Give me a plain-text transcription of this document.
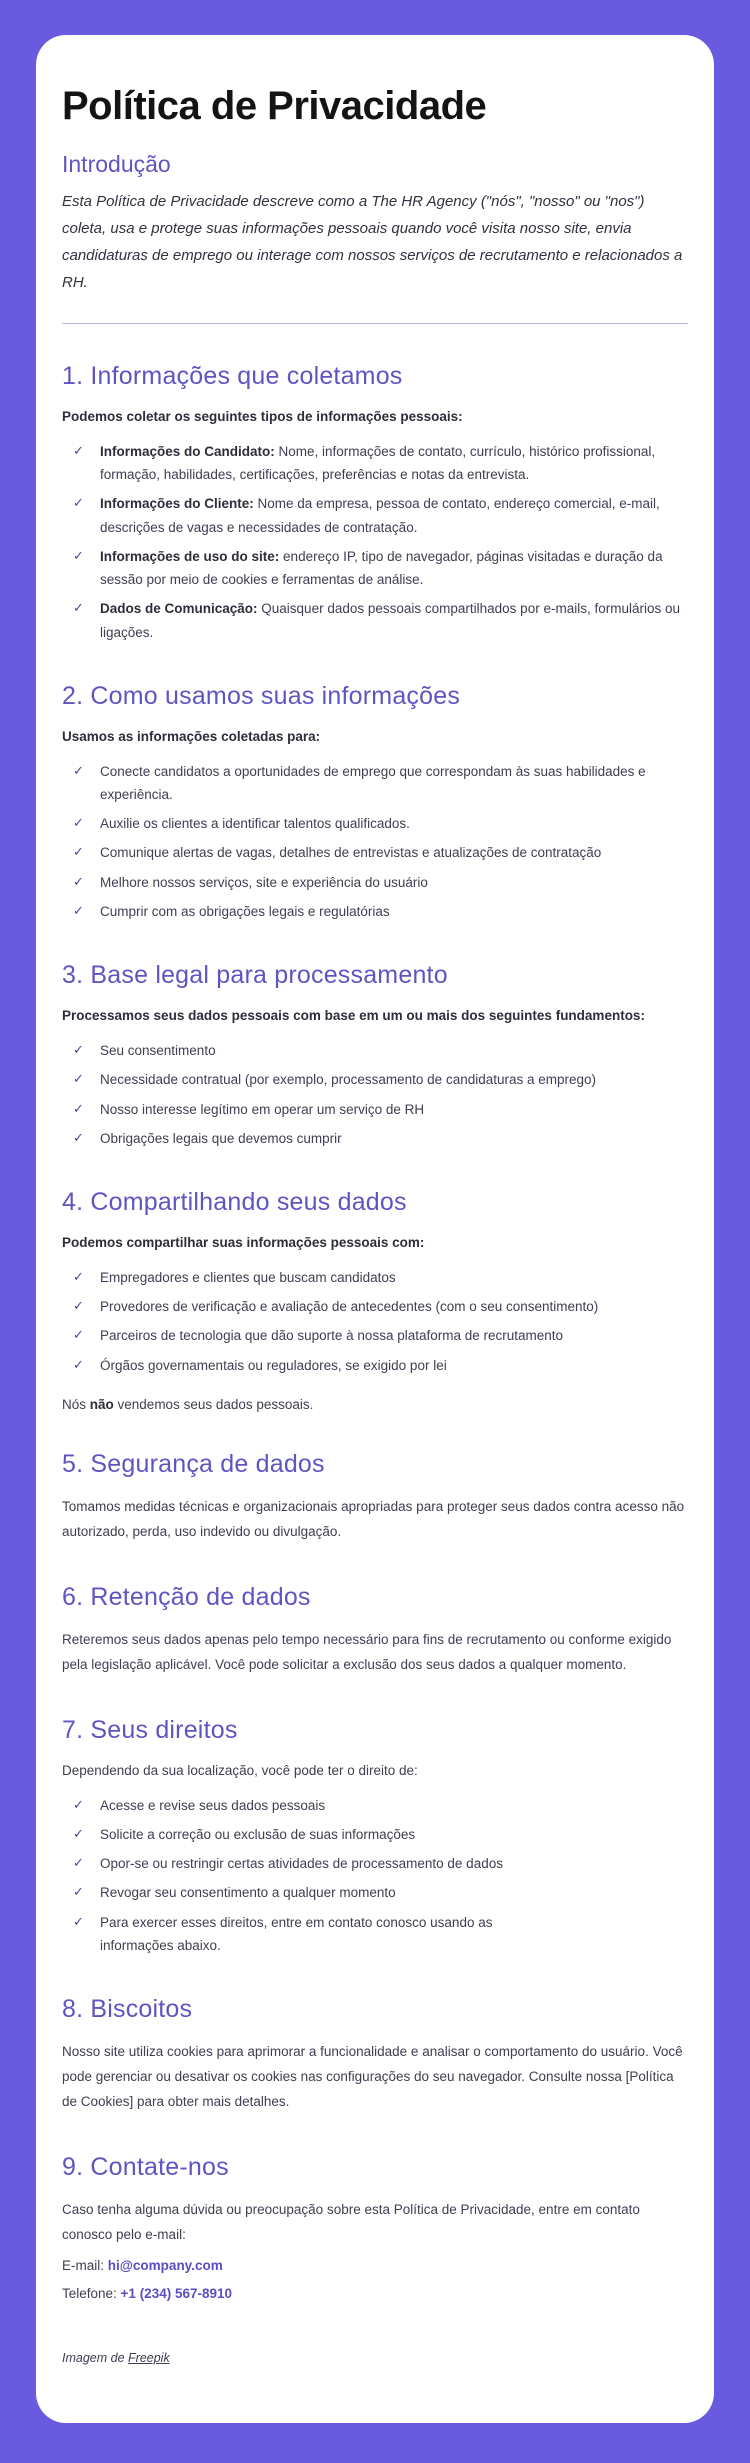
Política de Privacidade
Introdução

Esta Política de Privacidade descreve como a The HR Agency ("nós", "nosso" ou "nos") coleta, usa e protege suas informações pessoais quando você visita nosso site, envia candidaturas de emprego ou interage com nossos serviços de recrutamento e relacionados a RH.

1. Informações que coletamos

Podemos coletar os seguintes tipos de informações pessoais:

✓ Informações do Candidato: Nome, informações de contato, currículo, histórico profissional, formação, habilidades, certificações, preferências e notas da entrevista.
✓ Informações do Cliente: Nome da empresa, pessoa de contato, endereço comercial, e-mail, descrições de vagas e necessidades de contratação.
✓ Informações de uso do site: endereço IP, tipo de navegador, páginas visitadas e duração da sessão por meio de cookies e ferramentas de análise.
✓ Dados de Comunicação: Quaisquer dados pessoais compartilhados por e-mails, formulários ou ligações.
2. Como usamos suas informações

Usamos as informações coletadas para:

✓ Conecte candidatos a oportunidades de emprego que correspondam às suas habilidades e experiência.
✓ Auxilie os clientes a identificar talentos qualificados.
✓ Comunique alertas de vagas, detalhes de entrevistas e atualizações de contratação
✓ Melhore nossos serviços, site e experiência do usuário
✓ Cumprir com as obrigações legais e regulatórias
3. Base legal para processamento

Processamos seus dados pessoais com base em um ou mais dos seguintes fundamentos:

✓ Seu consentimento
✓ Necessidade contratual (por exemplo, processamento de candidaturas a emprego)
✓ Nosso interesse legítimo em operar um serviço de RH
✓ Obrigações legais que devemos cumprir
4. Compartilhando seus dados

Podemos compartilhar suas informações pessoais com:

✓ Empregadores e clientes que buscam candidatos
✓ Provedores de verificação e avaliação de antecedentes (com o seu consentimento)
✓ Parceiros de tecnologia que dão suporte à nossa plataforma de recrutamento
✓ Órgãos governamentais ou reguladores, se exigido por lei

Nós não vendemos seus dados pessoais.

5. Segurança de dados

Tomamos medidas técnicas e organizacionais apropriadas para proteger seus dados contra acesso não autorizado, perda, uso indevido ou divulgação.

6. Retenção de dados

Reteremos seus dados apenas pelo tempo necessário para fins de recrutamento ou conforme exigido pela legislação aplicável. Você pode solicitar a exclusão dos seus dados a qualquer momento.

7. Seus direitos

Dependendo da sua localização, você pode ter o direito de:

✓ Acesse e revise seus dados pessoais
✓ Solicite a correção ou exclusão de suas informações
✓ Opor-se ou restringir certas atividades de processamento de dados
✓ Revogar seu consentimento a qualquer momento
✓ Para exercer esses direitos, entre em contato conosco usando as informações abaixo.
8. Biscoitos

Nosso site utiliza cookies para aprimorar a funcionalidade e analisar o comportamento do usuário. Você pode gerenciar ou desativar os cookies nas configurações do seu navegador. Consulte nossa [Política de Cookies] para obter mais detalhes.

9. Contate-nos

Caso tenha alguma dúvida ou preocupação sobre esta Política de Privacidade, entre em contato conosco pelo e-mail:

E-mail: hi@company.com

Telefone: +1 (234) 567-8910

Imagem de Freepik
